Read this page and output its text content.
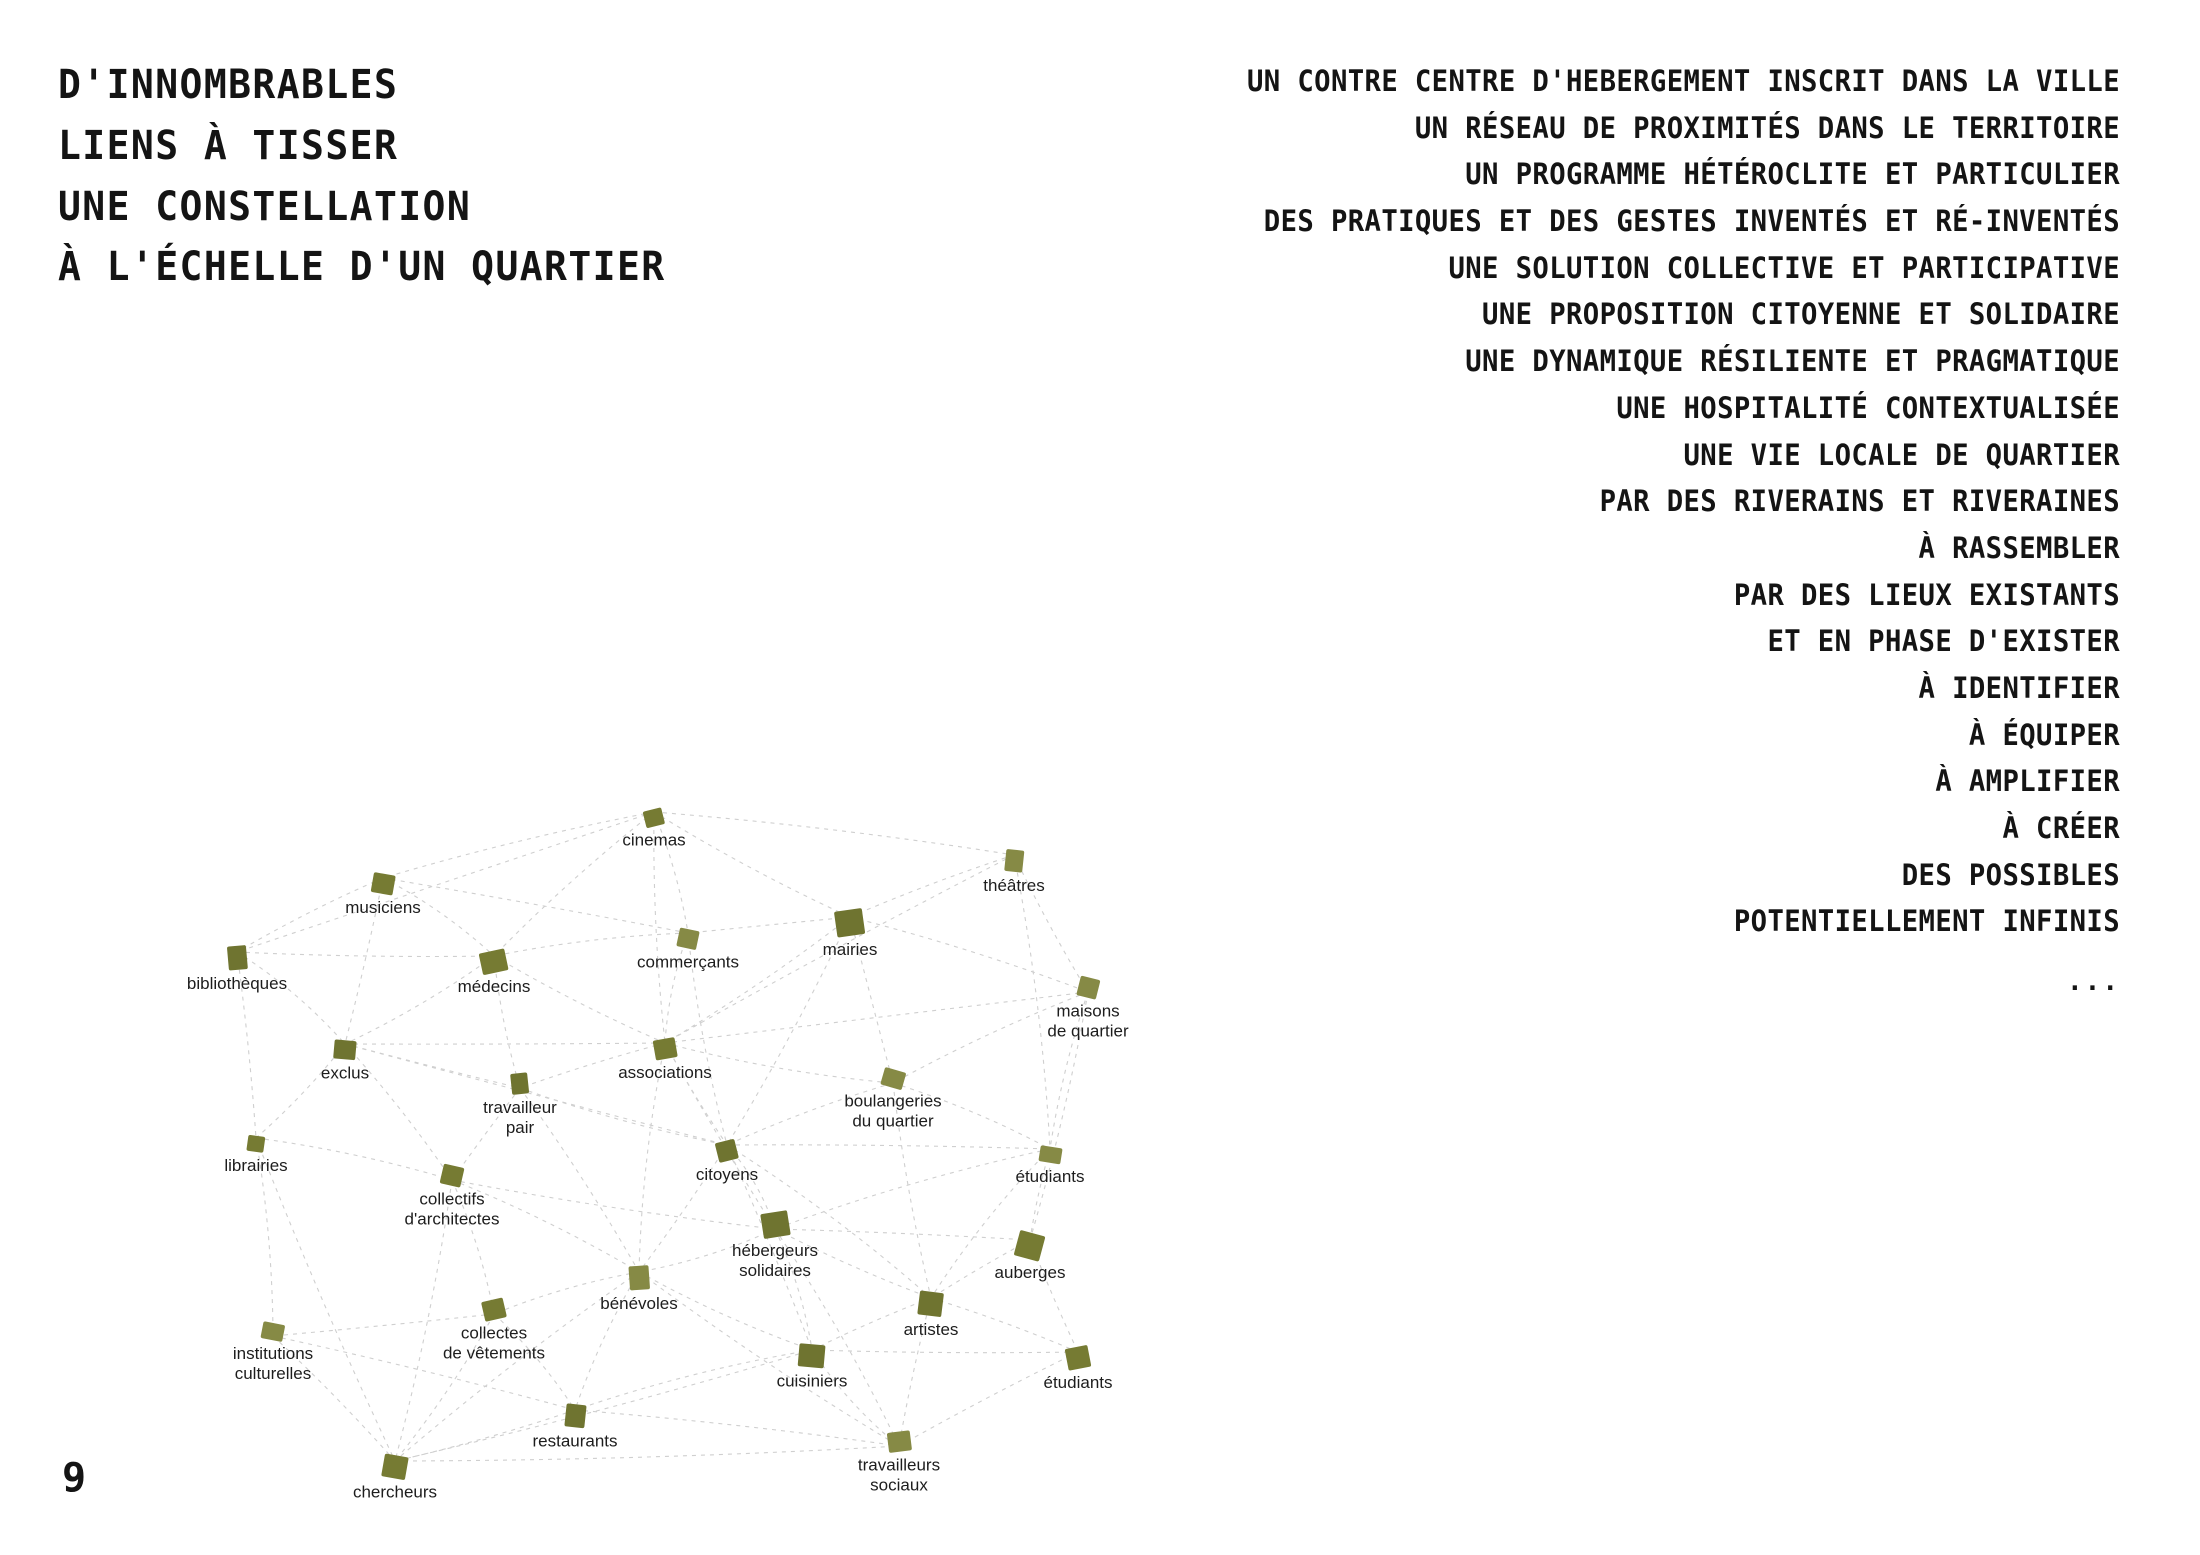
D'INNOMBRABLES
LIENS À TISSER
UNE CONSTELLATION
À L'ÉCHELLE D'UN QUARTIER
UN CONTRE CENTRE D'HEBERGEMENT INSCRIT DANS LA VILLE
UN RÉSEAU DE PROXIMITÉS DANS LE TERRITOIRE
UN PROGRAMME HÉTÉROCLITE ET PARTICULIER
DES PRATIQUES ET DES GESTES INVENTÉS ET RÉ-INVENTÉS
UNE SOLUTION COLLECTIVE ET PARTICIPATIVE
UNE PROPOSITION CITOYENNE ET SOLIDAIRE
UNE DYNAMIQUE RÉSILIENTE ET PRAGMATIQUE
UNE HOSPITALITÉ CONTEXTUALISÉE
UNE VIE LOCALE DE QUARTIER
PAR DES RIVERAINS ET RIVERAINES
À RASSEMBLER
PAR DES LIEUX EXISTANTS
ET EN PHASE D'EXISTER
À IDENTIFIER
À ÉQUIPER
À AMPLIFIER
À CRÉER
DES POSSIBLES
POTENTIELLEMENT INFINIS
...
cinemas
théâtres
musiciens
mairies
commerçants
bibliothèques	médecins
maisons
de quartier
exclus	associations
boulangeries
du quartier
travailleur
pair
librairies	citoyens	étudiants
collectifs
d'architectes
hébergeurs
solidaires	auberges
bénévoles
artistes
collectes
de vêtements
cuisiniers
institutions
culturelles	étudiants
restaurants
travailleurs
sociaux
chercheurs
9
